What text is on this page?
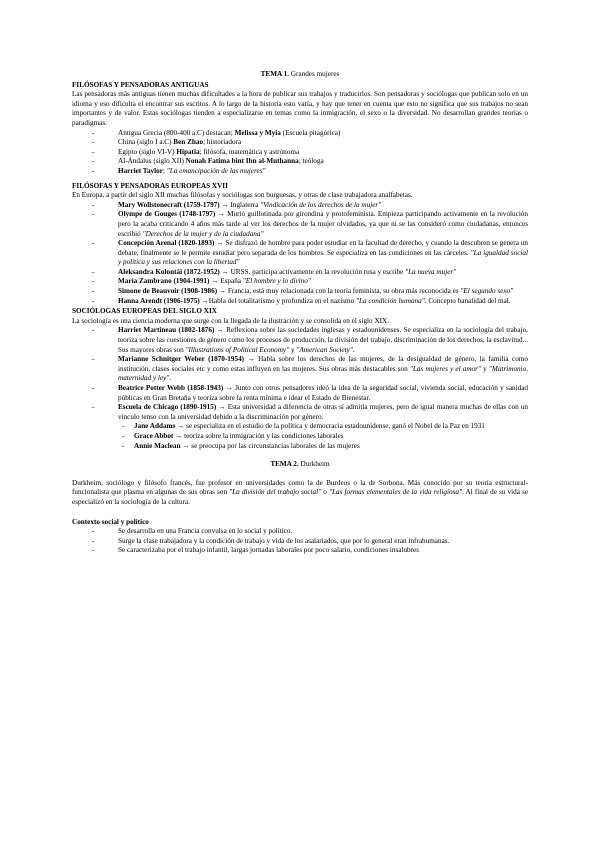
TEMA 1. Grandes mujeres
FILÓSOFAS Y PENSADORAS ANTIGUAS

Las pensadoras más antiguas tienen muchas dificultades a la hora de publicar sus trabajos y traducirlos. Son pensadoras y sociólogas que publican solo en un idioma y eso dificulta el encontrar sus escritos. A lo largo de la historia esto varía, y hay que tener en cuenta que esto no significa que sus trabajos no sean importantes y de valor. Estas sociólogas tienden a especializarse en temas como la inmigración, el sexo o la diversidad. No desarrollan grandes teorías o paradigmas.

- Antigua Grecia (800-400 a.C) destacan; Melissa y Myia (Escuela pitagórica)
- China (siglo I a.C) Ben Zhao; historiadora
- Egipto (siglo VI-V) Hipatia; filósofa, matemática y astrónoma
- Al-Ándalus (siglo XII) Nonah Fatima bint Ibn al-Muthanna; teóloga
- Harriet Taylor; "La emancipación de las mujeres"
FILÓSOFAS Y PENSADORAS EUROPEAS XVII

En Europa, a partir del siglo XII muchas filósofas y sociólogas son burguesas, y otras de clase trabajadora analfabetas.

- Mary Wollstonecraft (1759-1797) → Inglaterra "Vindicación de los derechos de la mujer"
- Olympe de Gouges (1748-1797) → Murió guillotinada por girondina y protofeminista. Empieza participando activamente en la revolución pero la acaba criticando 4 años más tarde al ver los derechos de la mujer olvidados, ya que ni se las consideró como ciudadanas, entonces escribió "Derechos de la mujer y de la ciudadana"
- Concepción Arenal (1820-1893) → Se disfrazó de hombre para poder estudiar en la facultad de derecho, y cuando la descubren se genera un debate, finalmente se le permite estudiar pero separada de los hombres. Se especializa en las condiciones en las cárceles. "La igualdad social y política y sus relaciones con la libertad"
- Aleksandra Kolontái (1872-1952) → URSS, participa activamente en la revolución rusa y escribe "La nueva mujer"
- María Zambrano (1904-1991) → España "El hombre y lo divino"
- Simone de Beauvoir (1908-1986) → Francia, está muy relacionada con la teoría feminista, su obra más reconocida es "El segundo sexo"
- Hanna Arendt (1906-1975) →Habla del totalitarismo y profundiza en el nazismo "La condición humana". Concepto banalidad del mal.
SOCIÓLOGAS EUROPEAS DEL SIGLO XIX

La sociología es una ciencia moderna que surge con la llegada de la ilustración y se consolida en el siglo XIX.

- Harriet Martineau (1802-1876) → Reflexiona sobre las sociedades inglesas y estadounidenses. Se especializa en la sociología del trabajo, teoriza sobre las cuestiones de género como los procesos de producción, la división del trabajo, discriminación de los derechos, la esclavitud... Sus mayores obras son "Illustrations of Political Economy" y "American Society".
- Marianne Schnitger Weber (1870-1954) → Habla sobre los derechos de las mujeres, de la desigualdad de género, la familia como institución, clases sociales etc y como estas influyen en las mujeres. Sus obras más destacables son "Las mujeres y el amor" y "Matrimonio, maternidad y ley".
- Beatrice Potter Webb (1858-1943) → Junto con otros pensadores ideó la idea de la seguridad social, vivienda social, educación y sanidad públicas en Gran Bretaña y teoriza sobre la renta mínima e idear el Estado de Bienestar.
- Escuela de Chicago (1890-1915) → Esta universidad a diferencia de otras sí admitía mujeres, pero de igual manera muchas de ellas con un vínculo tenso con la universidad debido a la discriminación por género.
- Jane Addams → se especializa en el estudio de la política y democracia estadounidense, ganó el Nobel de la Paz en 1931
- Grace Abbot → teoriza sobre la inmigración y las condiciones laborales
- Annie Maclean → se preocupa por las circunstancias laborales de las mujeres
TEMA 2. Durkheim

Durkheim, sociólogo y filósofo francés, fue profesor en universidades como la de Burdeos o la de Sorbona. Más conocido por su teoría estructural-funcionalista que plasma en algunas de sus obras son "La división del trabajo social" o "Las formas elementales de la vida religiosa". Al final de su vida se especializó en la sociología de la cultura.

Contexto social y político
- Se desarrolla en una Francia convulsa en lo social y político.
- Surge la clase trabajadora y la condición de trabajo y vida de los asalariados, que por lo general eran infrahumanas.
- Se caracterizaba por el trabajo infantil, largas jornadas laborales por poco salario, condiciones insalubres
